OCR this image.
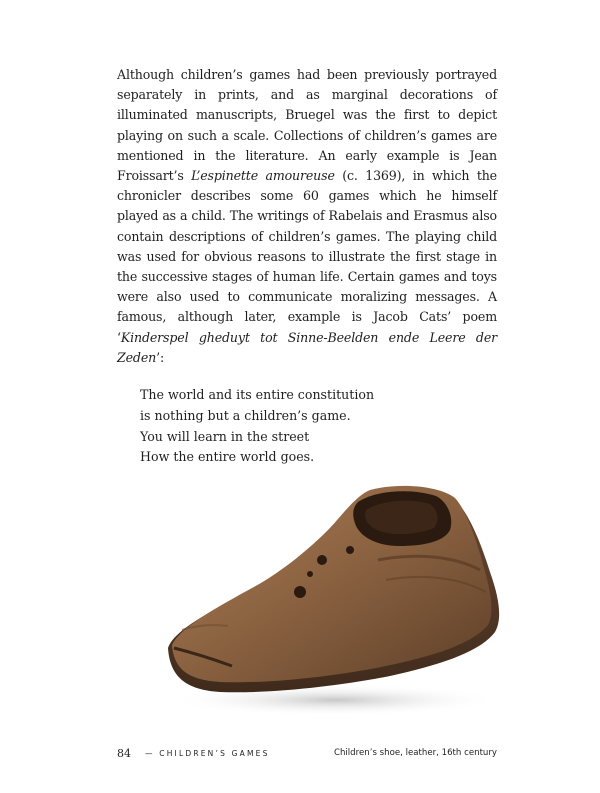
Although children’s games had been previously portrayed separately in prints, and as marginal decorations of illuminated manuscripts, Bruegel was the first to depict playing on such a scale. Collections of children’s games are mentioned in the literature. An early example is Jean Froissart’s L’espinette amoureuse (c. 1369), in which the chronicler describes some 60 games which he himself played as a child. The writings of Rabelais and Erasmus also contain descriptions of children’s games. The playing child was used for obvious reasons to illustrate the first stage in the successive stages of human life. Certain games and toys were also used to communicate moralizing messages. A famous, although later, example is Jacob Cats’ poem ‘Kinderspel gheduyt tot Sinne-Beelden ende Leere der Zeden’:

The world and its entire constitution
is nothing but a children’s game.
You will learn in the street
How the entire world goes.
84 — CHILDREN’S GAMES	Children’s shoe, leather, 16th century
